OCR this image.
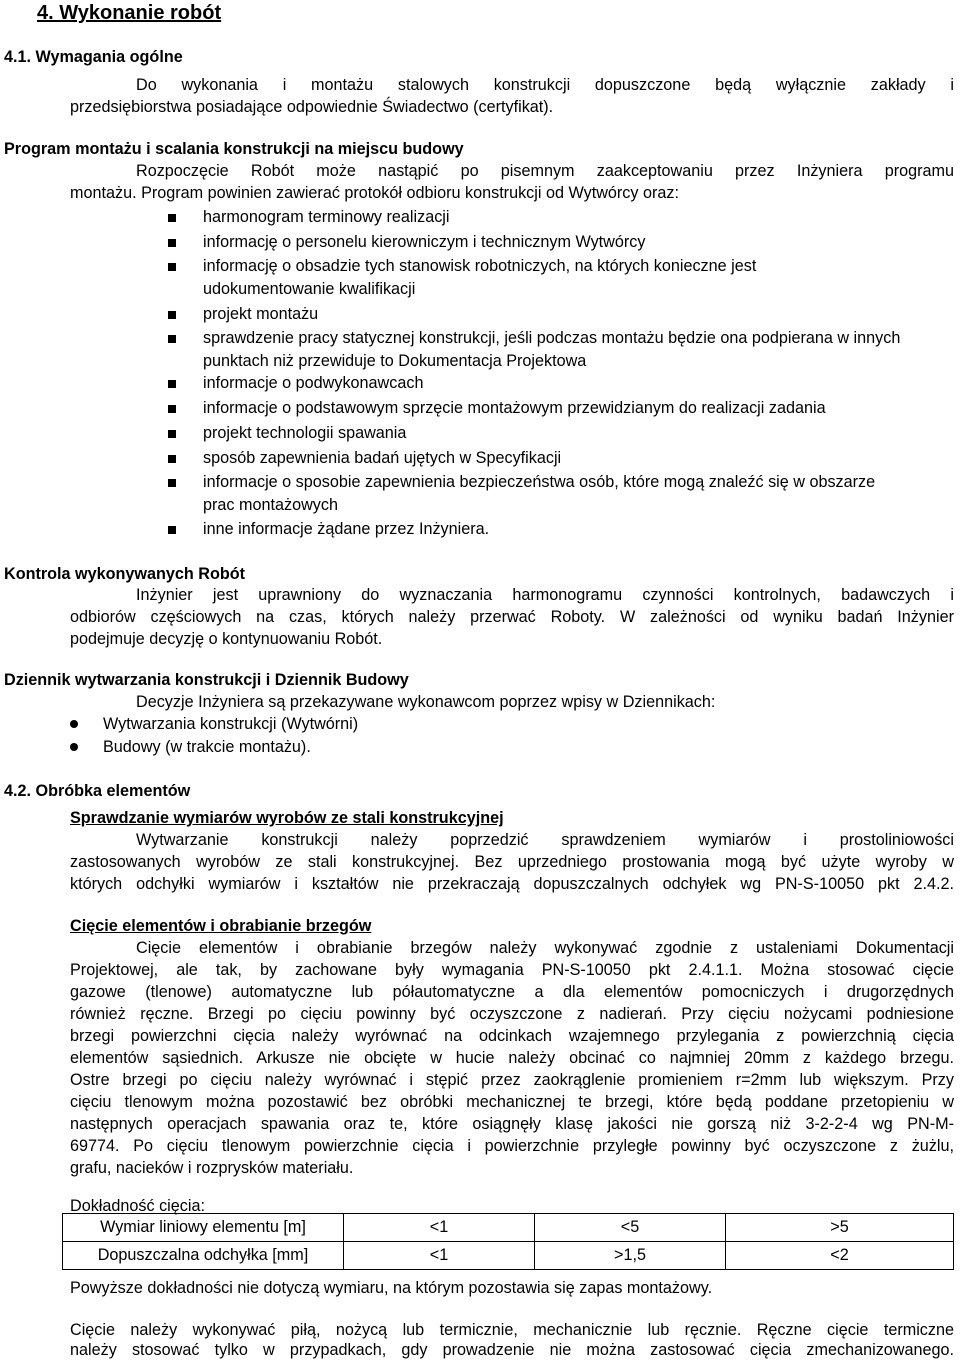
4. Wykonanie robót
4.1. Wymagania ogólne
Do wykonania i montażu stalowych konstrukcji dopuszczone będą wyłącznie zakłady i
przedsiębiorstwa posiadające odpowiednie Świadectwo (certyfikat).
Program montażu i scalania konstrukcji na miejscu budowy
Rozpoczęcie Robót może nastąpić po pisemnym zaakceptowaniu przez Inżyniera programu
montażu. Program powinien zawierać protokół odbioru konstrukcji od Wytwórcy oraz:
harmonogram terminowy realizacji
informację o personelu kierowniczym i technicznym Wytwórcy
informację o obsadzie tych stanowisk robotniczych, na których konieczne jest udokumentowanie kwalifikacji
projekt montażu
sprawdzenie pracy statycznej konstrukcji, jeśli podczas montażu będzie ona podpierana w innych punktach niż przewiduje to Dokumentacja Projektowa
informacje o podwykonawcach
informacje o podstawowym sprzęcie montażowym przewidzianym do realizacji zadania
projekt technologii spawania
sposób zapewnienia badań ujętych w Specyfikacji
informacje o sposobie zapewnienia bezpieczeństwa osób, które mogą znaleźć się w obszarze prac montażowych
inne informacje żądane przez Inżyniera.
Kontrola wykonywanych Robót
Inżynier jest uprawniony do wyznaczania harmonogramu czynności kontrolnych, badawczych i
odbiorów częściowych na czas, których należy przerwać Roboty. W zależności od wyniku badań Inżynier
podejmuje decyzję o kontynuowaniu Robót.
Dziennik wytwarzania konstrukcji i Dziennik Budowy
Decyzje Inżyniera są przekazywane wykonawcom poprzez wpisy w Dziennikach:
Wytwarzania konstrukcji (Wytwórni)
Budowy (w trakcie montażu).
4.2. Obróbka elementów
Sprawdzanie wymiarów wyrobów ze stali konstrukcyjnej
Wytwarzanie konstrukcji należy poprzedzić sprawdzeniem wymiarów i prostoliniowości
zastosowanych wyrobów ze stali konstrukcyjnej. Bez uprzedniego prostowania mogą być użyte wyroby w
których odchyłki wymiarów i kształtów nie przekraczają dopuszczalnych odchyłek wg PN-S-10050 pkt 2.4.2.
Cięcie elementów i obrabianie brzegów
Cięcie elementów i obrabianie brzegów należy wykonywać zgodnie z ustaleniami Dokumentacji
Projektowej, ale tak, by zachowane były wymagania PN-S-10050 pkt 2.4.1.1. Można stosować cięcie
gazowe (tlenowe) automatyczne lub półautomatyczne a dla elementów pomocniczych i drugorzędnych
również ręczne. Brzegi po cięciu powinny być oczyszczone z nadierań. Przy cięciu nożycami podniesione
brzegi powierzchni cięcia należy wyrównać na odcinkach wzajemnego przylegania z powierzchnią cięcia
elementów sąsiednich. Arkusze nie obcięte w hucie należy obcinać co najmniej 20mm z każdego brzegu.
Ostre brzegi po cięciu należy wyrównać i stępić przez zaokrąglenie promieniem r=2mm lub większym. Przy
cięciu tlenowym można pozostawić bez obróbki mechanicznej te brzegi, które będą poddane przetopieniu w
następnych operacjach spawania oraz te, które osiągnęły klasę jakości nie gorszą niż 3-2-2-4 wg PN-M-
69774. Po cięciu tlenowym powierzchnie cięcia i powierzchnie przyległe powinny być oczyszczone z żużlu,
grafu, nacieków i rozprysków materiału.
Dokładność cięcia:
Wymiar liniowy elementu [m]	<1	<5	>5
Dopuszczalna odchyłka [mm]	<1	>1,5	<2
Powyższe dokładności nie dotyczą wymiaru, na którym pozostawia się zapas montażowy.
Cięcie należy wykonywać piłą, nożycą lub termicznie, mechanicznie lub ręcznie. Ręczne cięcie termiczne
należy stosować tylko w przypadkach, gdy prowadzenie nie można zastosować cięcia zmechanizowanego.
